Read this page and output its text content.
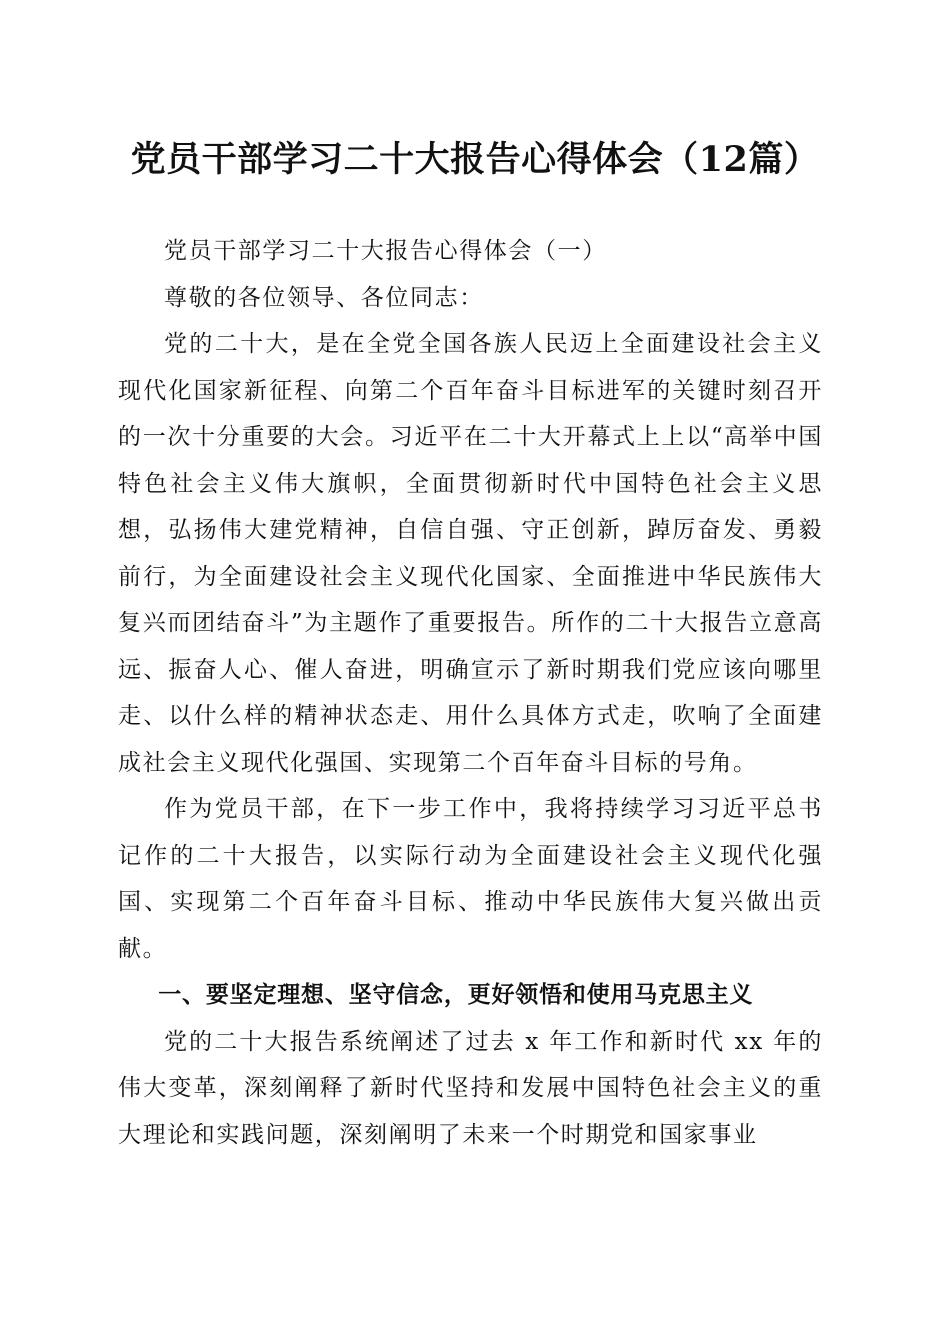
党员干部学习二十大报告心得体会（12篇）

党员干部学习二十大报告心得体会（一）

尊敬的各位领导、各位同志：

党的二十大，是在全党全国各族人民迈上全面建设社会主义现代化国家新征程、向第二个百年奋斗目标进军的关键时刻召开的一次十分重要的大会。习近平在二十大开幕式上上以“高举中国特色社会主义伟大旗帜，全面贯彻新时代中国特色社会主义思想，弘扬伟大建党精神，自信自强、守正创新，踔厉奋发、勇毅前行，为全面建设社会主义现代化国家、全面推进中华民族伟大复兴而团结奋斗”为主题作了重要报告。所作的二十大报告立意高远、振奋人心、催人奋进，明确宣示了新时期我们党应该向哪里走、以什么样的精神状态走、用什么具体方式走，吹响了全面建成社会主义现代化强国、实现第二个百年奋斗目标的号角。

作为党员干部，在下一步工作中，我将持续学习习近平总书记作的二十大报告，以实际行动为全面建设社会主义现代化强国、实现第二个百年奋斗目标、推动中华民族伟大复兴做出贡献。

一、要坚定理想、坚守信念，更好领悟和使用马克思主义

党的二十大报告系统阐述了过去 x 年工作和新时代 xx 年的伟大变革，深刻阐释了新时代坚持和发展中国特色社会主义的重大理论和实践问题，深刻阐明了未来一个时期党和国家事业
